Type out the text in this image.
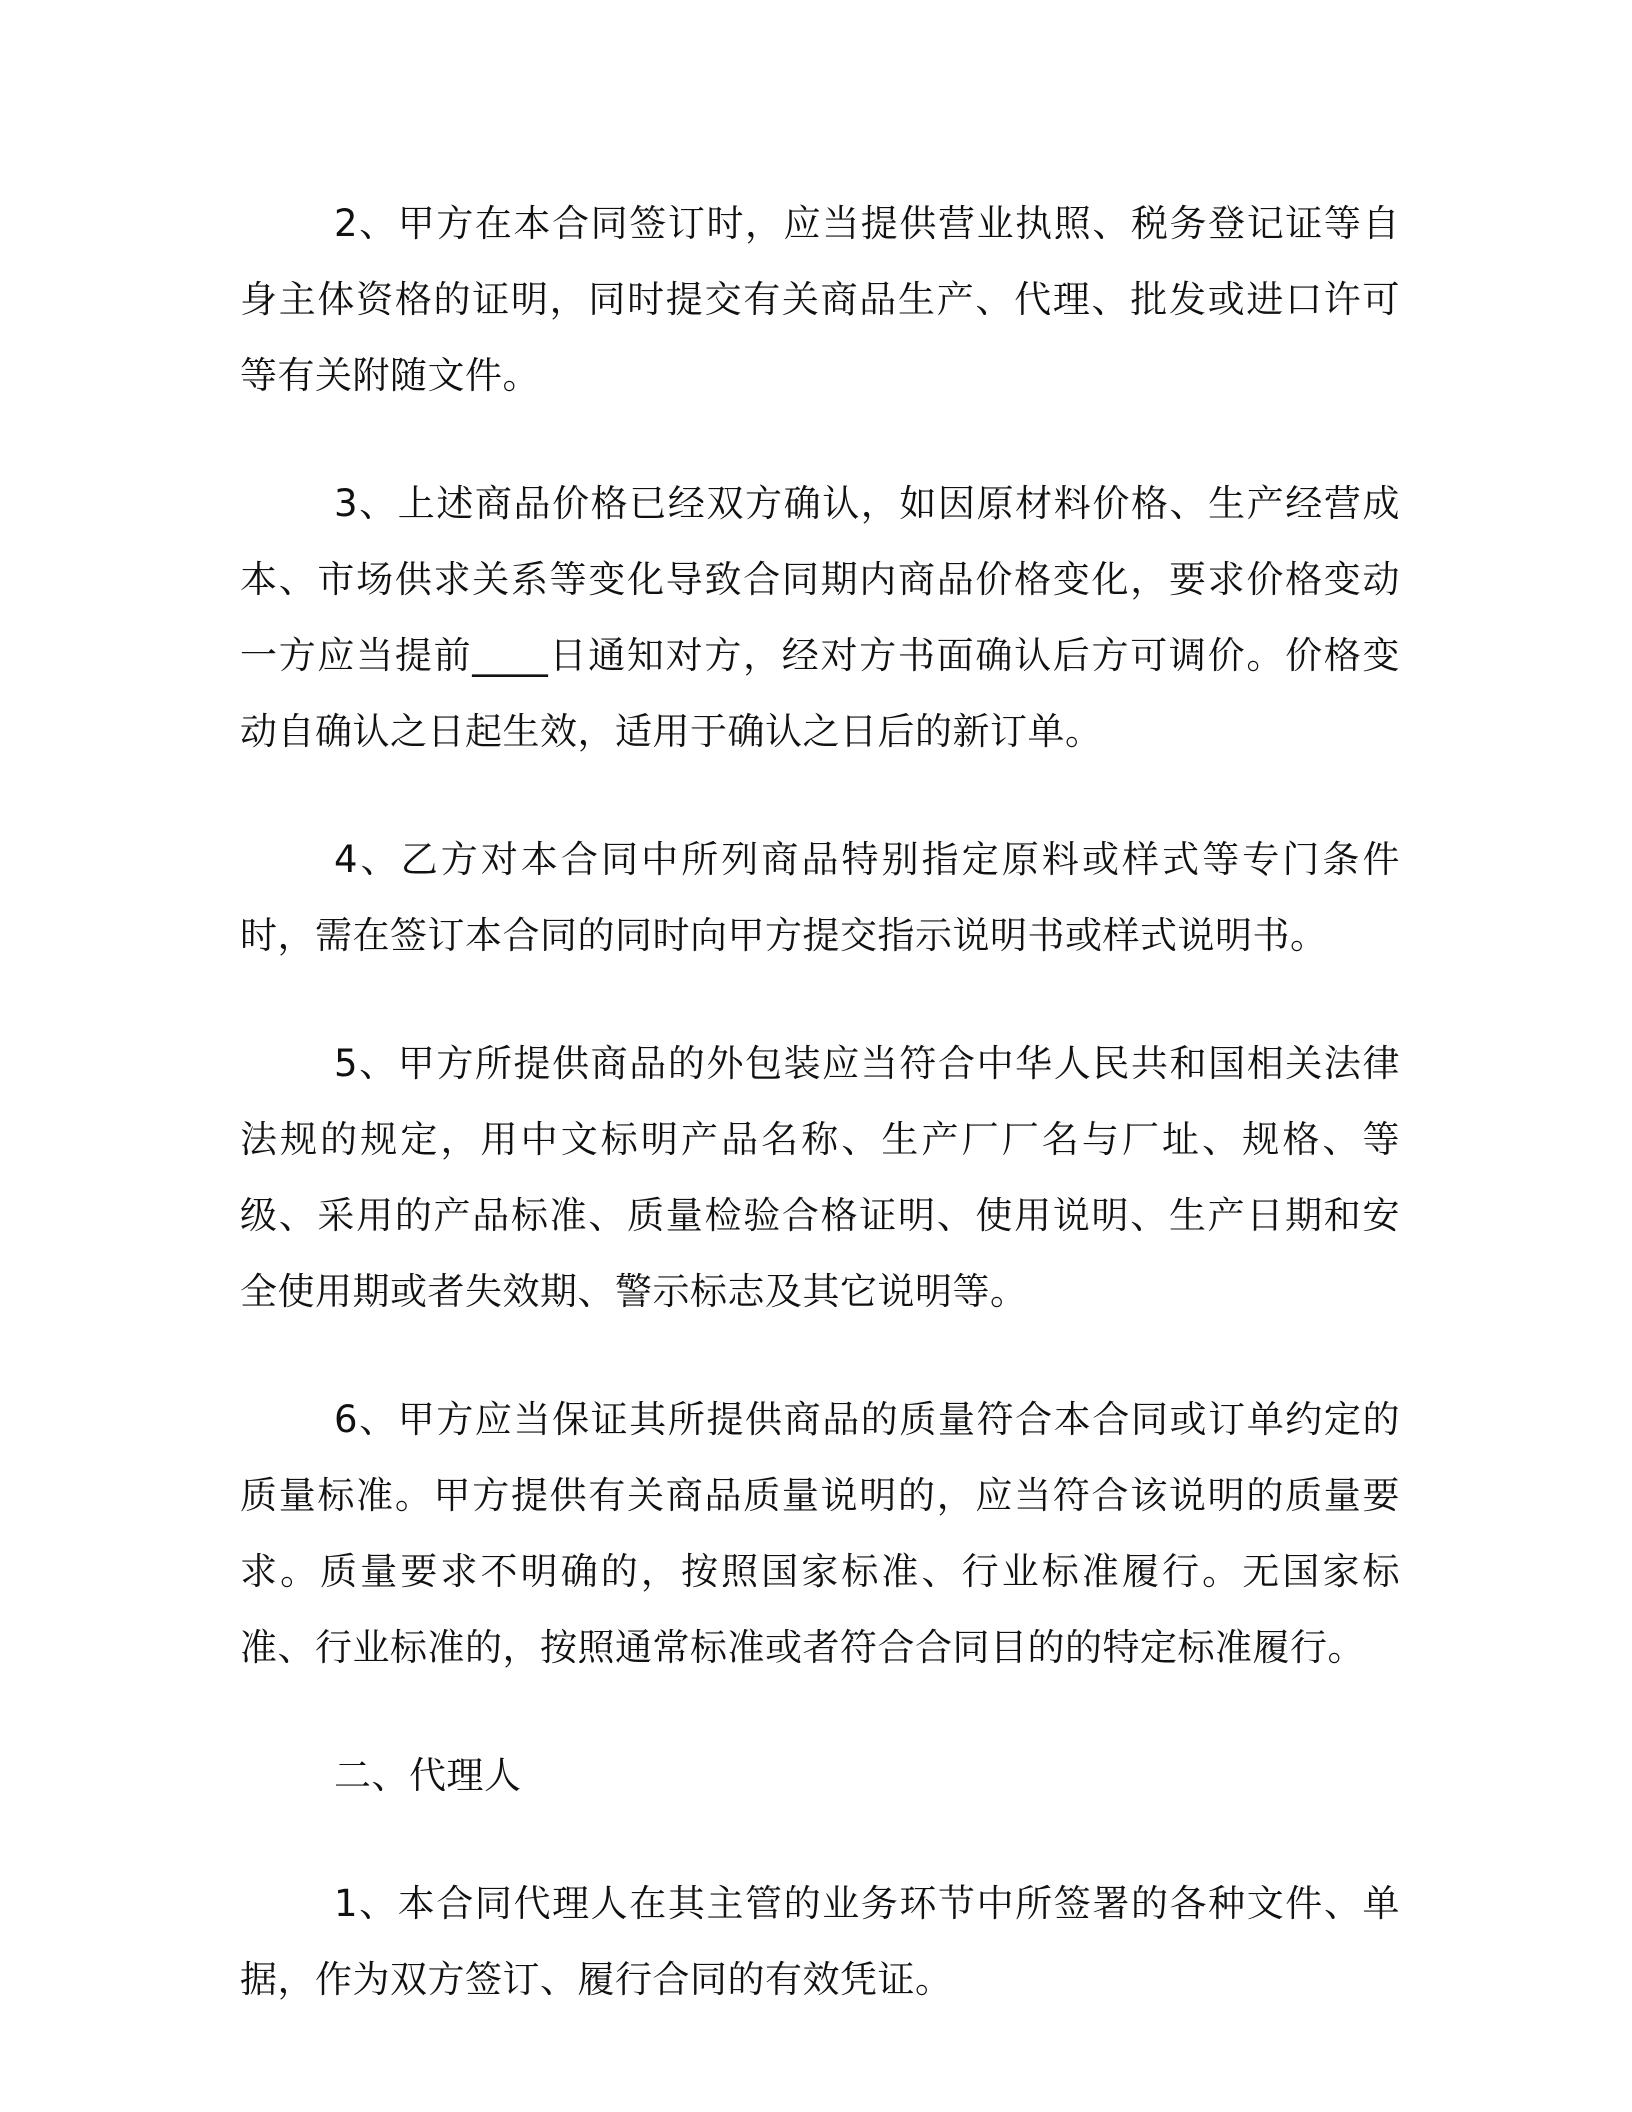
2、甲方在本合同签订时，应当提供营业执照、税务登记证等自身主体资格的证明，同时提交有关商品生产、代理、批发或进口许可等有关附随文件。

3、上述商品价格已经双方确认，如因原材料价格、生产经营成本、市场供求关系等变化导致合同期内商品价格变化，要求价格变动一方应当提前____日通知对方，经对方书面确认后方可调价。价格变动自确认之日起生效，适用于确认之日后的新订单。

4、乙方对本合同中所列商品特别指定原料或样式等专门条件时，需在签订本合同的同时向甲方提交指示说明书或样式说明书。

5、甲方所提供商品的外包装应当符合中华人民共和国相关法律法规的规定，用中文标明产品名称、生产厂厂名与厂址、规格、等级、采用的产品标准、质量检验合格证明、使用说明、生产日期和安全使用期或者失效期、警示标志及其它说明等。

6、甲方应当保证其所提供商品的质量符合本合同或订单约定的质量标准。甲方提供有关商品质量说明的，应当符合该说明的质量要求。质量要求不明确的，按照国家标准、行业标准履行。无国家标准、行业标准的，按照通常标准或者符合合同目的的特定标准履行。

二、代理人

1、本合同代理人在其主管的业务环节中所签署的各种文件、单据，作为双方签订、履行合同的有效凭证。
